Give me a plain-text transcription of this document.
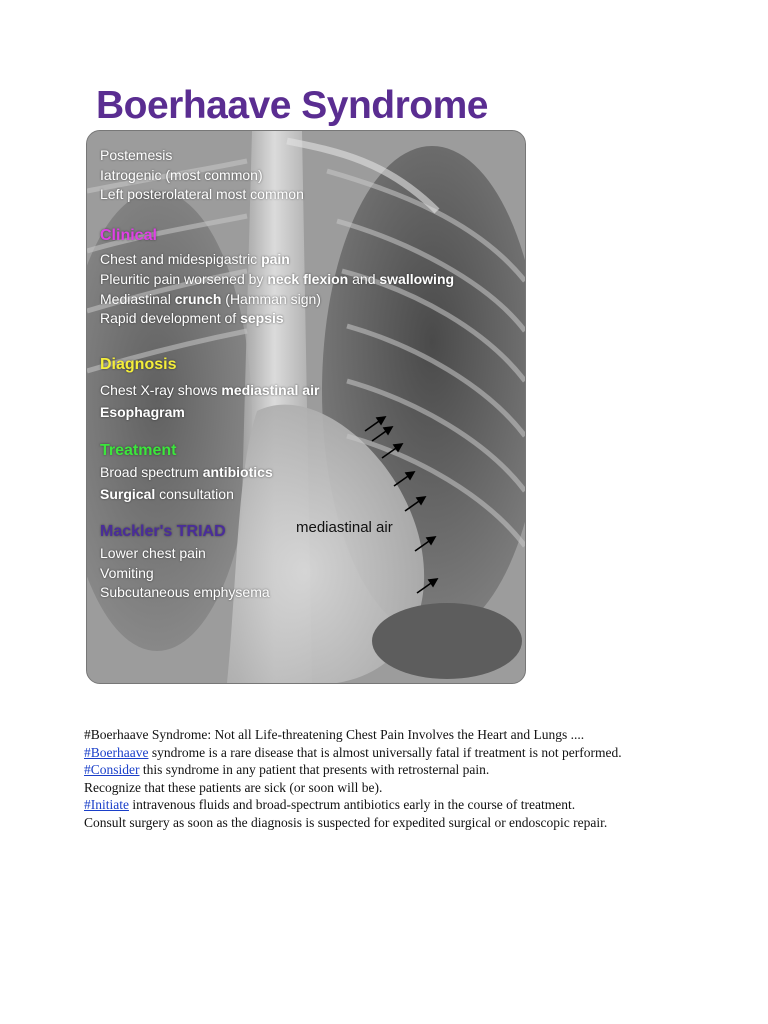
Boerhaave Syndrome
Postemesis
Iatrogenic (most common)
Left posterolateral most common
Clinical
Chest and midespigastric pain
Pleuritic pain worsened by neck flexion and swallowing
Mediastinal crunch (Hamman sign)
Rapid development of sepsis
Diagnosis
Chest X-ray shows mediastinal air
Esophagram
Treatment
Broad spectrum antibiotics
Surgical consultation
Mackler's TRIAD
Lower chest pain
Vomiting
Subcutaneous emphysema
mediastinal air
#Boerhaave Syndrome: Not all Life-threatening Chest Pain Involves the Heart and Lungs ....
#Boerhaave syndrome is a rare disease that is almost universally fatal if treatment is not performed.
#Consider this syndrome in any patient that presents with retrosternal pain.
Recognize that these patients are sick (or soon will be).
#Initiate intravenous fluids and broad-spectrum antibiotics early in the course of treatment.
Consult surgery as soon as the diagnosis is suspected for expedited surgical or endoscopic repair.
